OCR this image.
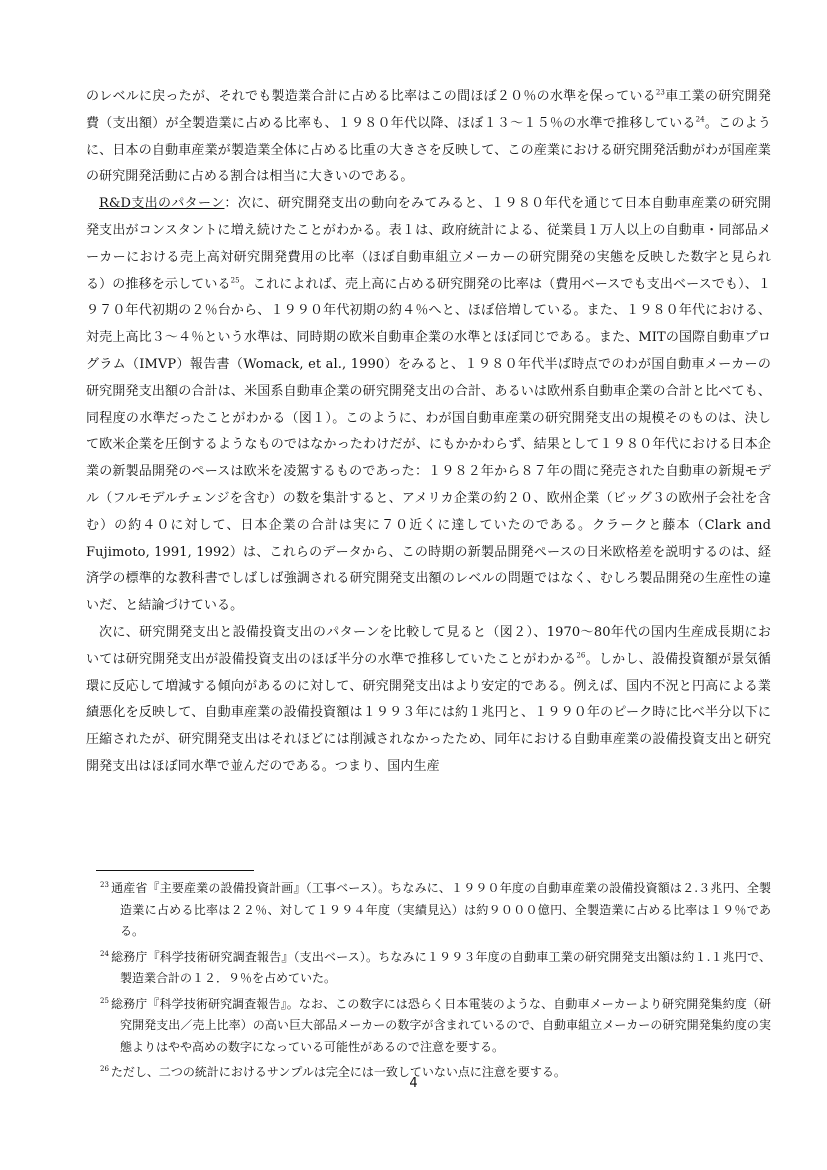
のレベルに戻ったが、それでも製造業合計に占める比率はこの間ほぼ２０％の水準を保っている$^{23}$車工業の研究開発費（支出額）が全製造業に占める比率も、１９８０年代以降、ほぼ１３～１５％の水準で推移している$^{24}$。このように、日本の自動車産業が製造業全体に占める比重の大きさを反映して、この産業における研究開発活動がわが国産業の研究開発活動に占める割合は相当に大きいのである。

R&D支出のパターン：次に、研究開発支出の動向をみてみると、１９８０年代を通じて日本自動車産業の研究開発支出がコンスタントに増え続けたことがわかる。表１は、政府統計による、従業員１万人以上の自動車・同部品メーカーにおける売上高対研究開発費用の比率（ほぼ自動車組立メーカーの研究開発の実態を反映した数字と見られる）の推移を示している$^{25}$。これによれば、売上高に占める研究開発の比率は（費用ベースでも支出ベースでも）、１９７０年代初期の２％台から、１９９０年代初期の約４％へと、ほぼ倍増している。また、１９８０年代における、対売上高比３～４％という水準は、同時期の欧米自動車企業の水準とほぼ同じである。また、MITの国際自動車プログラム（IMVP）報告書（Womack, et al., 1990）をみると、１９８０年代半ば時点でのわが国自動車メーカーの研究開発支出額の合計は、米国系自動車企業の研究開発支出の合計、あるいは欧州系自動車企業の合計と比べても、同程度の水準だったことがわかる（図１）。このように、わが国自動車産業の研究開発支出の規模そのものは、決して欧米企業を圧倒するようなものではなかったわけだが、にもかかわらず、結果として１９８０年代における日本企業の新製品開発のペースは欧米を凌駕するものであった：１９８２年から８７年の間に発売された自動車の新規モデル（フルモデルチェンジを含む）の数を集計すると、アメリカ企業の約２０、欧州企業（ビッグ３の欧州子会社を含む）の約４０に対して、日本企業の合計は実に７０近くに達していたのである。クラークと藤本（Clark and Fujimoto, 1991, 1992）は、これらのデータから、この時期の新製品開発ペースの日米欧格差を説明するのは、経済学の標準的な教科書でしばしば強調される研究開発支出額のレベルの問題ではなく、むしろ製品開発の生産性の違いだ、と結論づけている。

次に、研究開発支出と設備投資支出のパターンを比較して見ると（図２）、1970～80年代の国内生産成長期においては研究開発支出が設備投資支出のほぼ半分の水準で推移していたことがわかる$^{26}$。しかし、設備投資額が景気循環に反応して増減する傾向があるのに対して、研究開発支出はより安定的である。例えば、国内不況と円高による業績悪化を反映して、自動車産業の設備投資額は１９９３年には約１兆円と、１９９０年のピーク時に比べ半分以下に圧縮されたが、研究開発支出はそれほどには削減されなかったため、同年における自動車産業の設備投資支出と研究開発支出はほぼ同水準で並んだのである。つまり、国内生産

$^{23}$ 通産省『主要産業の設備投資計画』（工事ベース）。ちなみに、１９９０年度の自動車産業の設備投資額は２.３兆円、全製造業に占める比率は２２％、対して１９９４年度（実績見込）は約９０００億円、全製造業に占める比率は１９％である。

$^{24}$ 総務庁『科学技術研究調査報告』（支出ベース）。ちなみに１９９３年度の自動車工業の研究開発支出額は約１.１兆円で、製造業合計の１２．９％を占めていた。

$^{25}$ 総務庁『科学技術研究調査報告』。なお、この数字には恐らく日本電装のような、自動車メーカーより研究開発集約度（研究開発支出／売上比率）の高い巨大部品メーカーの数字が含まれているので、自動車組立メーカーの研究開発集約度の実態よりはやや高めの数字になっている可能性があるので注意を要する。

$^{26}$ ただし、二つの統計におけるサンプルは完全には一致していない点に注意を要する。

4
